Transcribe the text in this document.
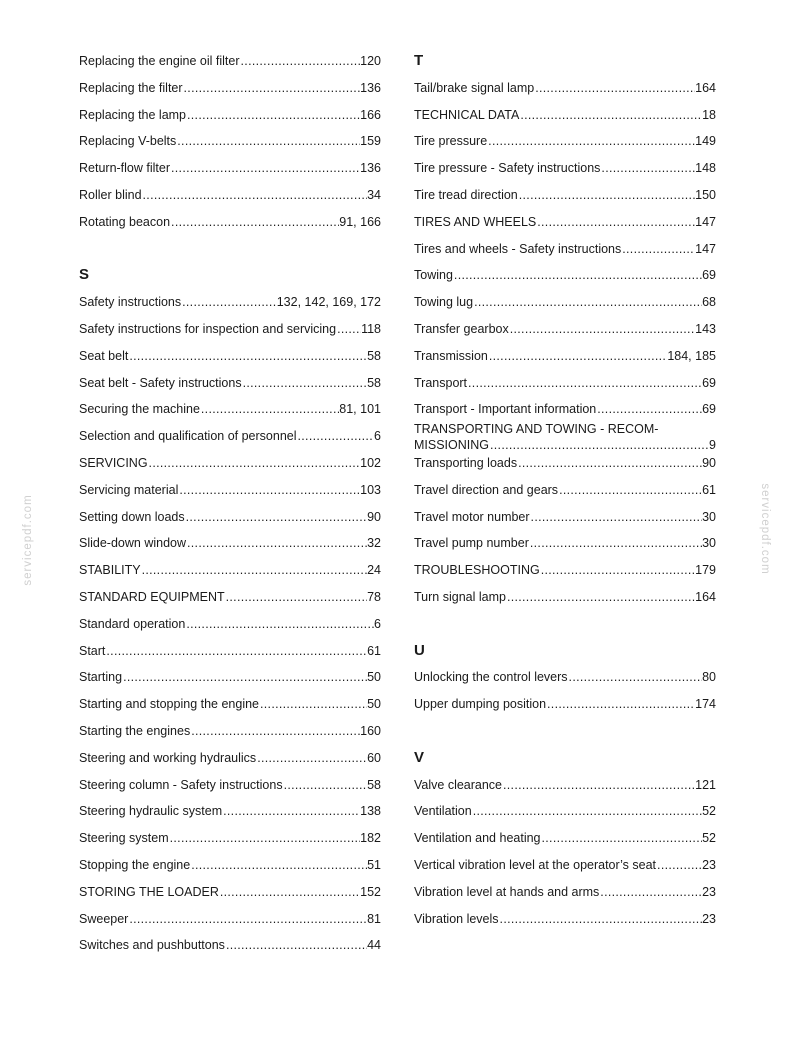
Replacing the engine oil filter .....	120
Replacing the filter .....	136
Replacing the lamp .....	166
Replacing V-belts .....	159
Return-flow filter .....	136
Roller blind .....	34
Rotating beacon .....	91, 166
S
Safety instructions .....	132, 142, 169, 172
Safety instructions for inspection and servicing ..... 118
Seat belt .....	58
Seat belt - Safety instructions .....	58
Securing the machine .....	81, 101
Selection and qualification of personnel .....	6
SERVICING .....	102
Servicing material .....	103
Setting down loads .....	90
Slide-down window .....	32
STABILITY .....	24
STANDARD EQUIPMENT .....	78
Standard operation .....	6
Start .....	61
Starting .....	50
Starting and stopping the engine .....	50
Starting the engines .....	160
Steering and working hydraulics .....	60
Steering column - Safety instructions .....	58
Steering hydraulic system .....	138
Steering system .....	182
Stopping the engine .....	51
STORING THE LOADER .....	152
Sweeper .....	81
Switches and pushbuttons .....	44
T
Tail/brake signal lamp .....	164
TECHNICAL DATA .....	18
Tire pressure .....	149
Tire pressure - Safety instructions .....	148
Tire tread direction .....	150
TIRES AND WHEELS .....	147
Tires and wheels - Safety instructions .....	147
Towing .....	69
Towing lug .....	68
Transfer gearbox .....	143
Transmission .....	184, 185
Transport .....	69
Transport - Important information .....	69
TRANSPORTING AND TOWING - RECOM-
MISSIONING .....	9
Transporting loads .....	90
Travel direction and gears .....	61
Travel motor number .....	30
Travel pump number .....	30
TROUBLESHOOTING .....	179
Turn signal lamp .....	164
U
Unlocking the control levers .....	80
Upper dumping position .....	174
V
Valve clearance .....	121
Ventilation .....	52
Ventilation and heating .....	52
Vertical vibration level at the operator’s seat .....	23
Vibration level at hands and arms .....	23
Vibration levels .....	23
servicepdf.com	servicepdf.com
